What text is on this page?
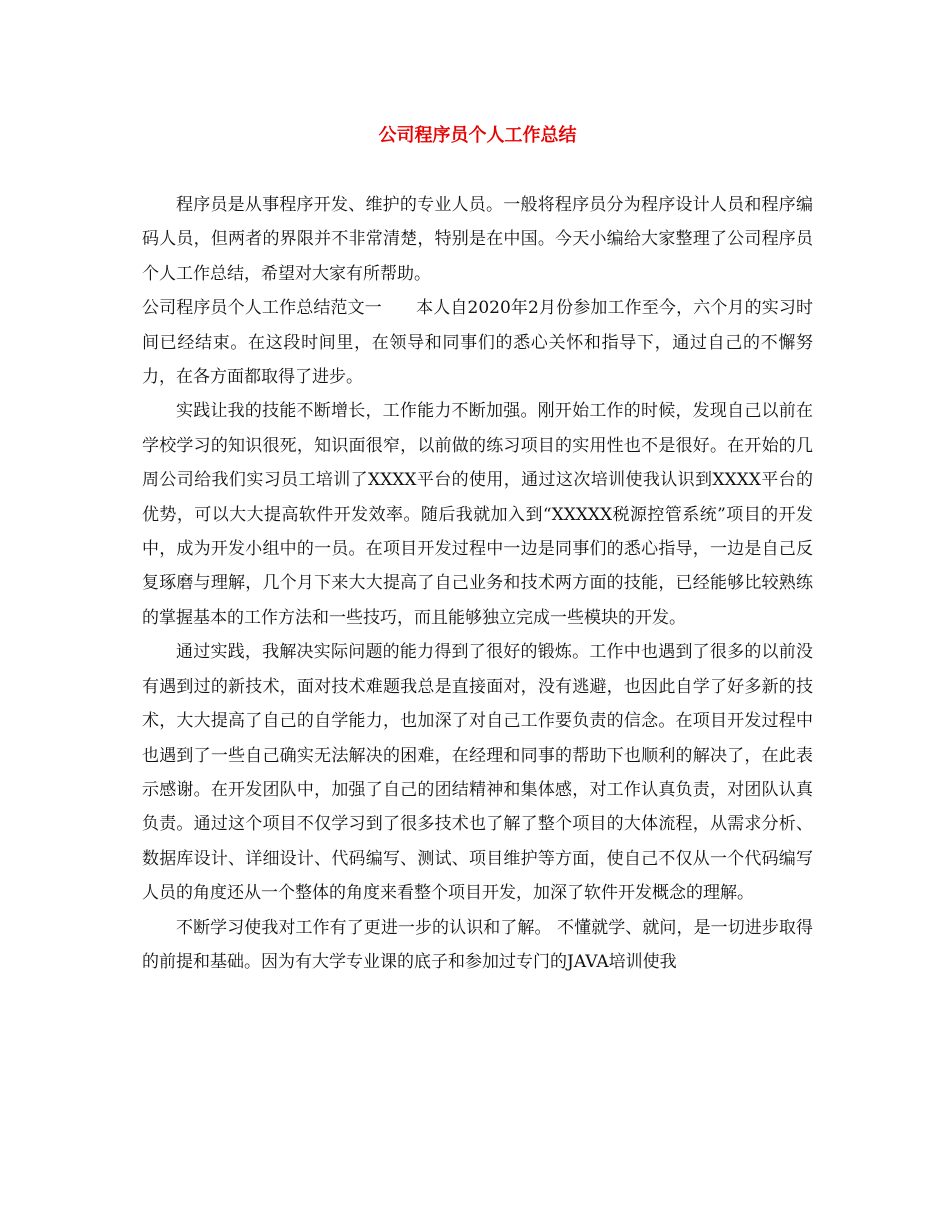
公司程序员个人工作总结

程序员是从事程序开发、维护的专业人员。一般将程序员分为程序设计人员和程序编码人员，但两者的界限并不非常清楚，特别是在中国。今天小编给大家整理了公司程序员个人工作总结，希望对大家有所帮助。

公司程序员个人工作总结范文一　　本人自2020年2月份参加工作至今，六个月的实习时间已经结束。在这段时间里，在领导和同事们的悉心关怀和指导下，通过自己的不懈努力，在各方面都取得了进步。

实践让我的技能不断增长，工作能力不断加强。刚开始工作的时候，发现自己以前在学校学习的知识很死，知识面很窄，以前做的练习项目的实用性也不是很好。在开始的几周公司给我们实习员工培训了XXXX平台的使用，通过这次培训使我认识到XXXX平台的优势，可以大大提高软件开发效率。随后我就加入到“XXXXX税源控管系统”项目的开发中，成为开发小组中的一员。在项目开发过程中一边是同事们的悉心指导，一边是自己反复琢磨与理解，几个月下来大大提高了自己业务和技术两方面的技能，已经能够比较熟练的掌握基本的工作方法和一些技巧，而且能够独立完成一些模块的开发。

通过实践，我解决实际问题的能力得到了很好的锻炼。工作中也遇到了很多的以前没有遇到过的新技术，面对技术难题我总是直接面对，没有逃避，也因此自学了好多新的技术，大大提高了自己的自学能力，也加深了对自己工作要负责的信念。在项目开发过程中也遇到了一些自己确实无法解决的困难，在经理和同事的帮助下也顺利的解决了，在此表示感谢。在开发团队中，加强了自己的团结精神和集体感，对工作认真负责，对团队认真负责。通过这个项目不仅学习到了很多技术也了解了整个项目的大体流程，从需求分析、数据库设计、详细设计、代码编写、测试、项目维护等方面，使自己不仅从一个代码编写人员的角度还从一个整体的角度来看整个项目开发，加深了软件开发概念的理解。

不断学习使我对工作有了更进一步的认识和了解。 不懂就学、就问，是一切进步取得的前提和基础。因为有大学专业课的底子和参加过专门的JAVA培训使我
